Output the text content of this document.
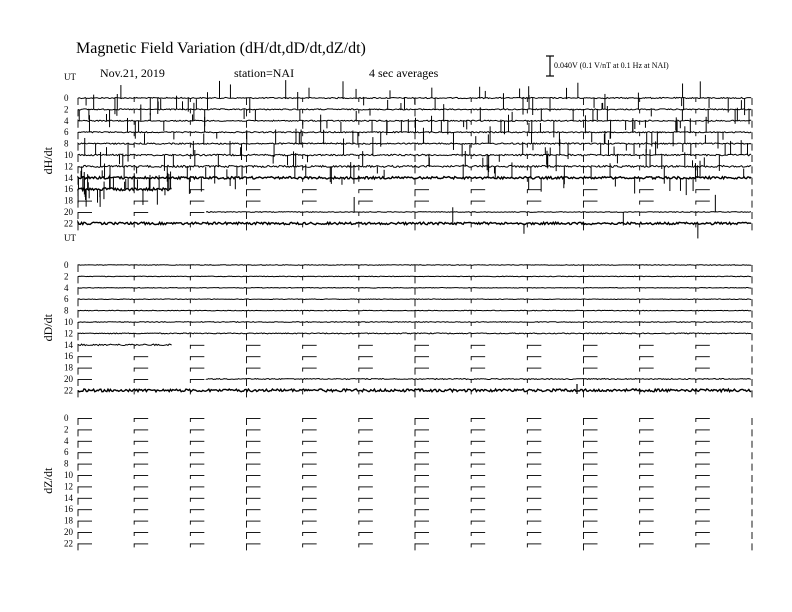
Magnetic Field Variation (dH/dt,dD/dt,dZ/dt)
Nov.21, 2019	station=NAI	4 sec averages
0.040V (0.1 V/nT at 0.1 Hz at NAI)
UT
dH/dt
0
2
4
6
8
10
12
14
16
18
20
22
UT
dD/dt
0
2
4
6
8
10
12
14
16
18
20
22
dZ/dt
0
2
4
6
8
10
12
14
16
18
20
22
